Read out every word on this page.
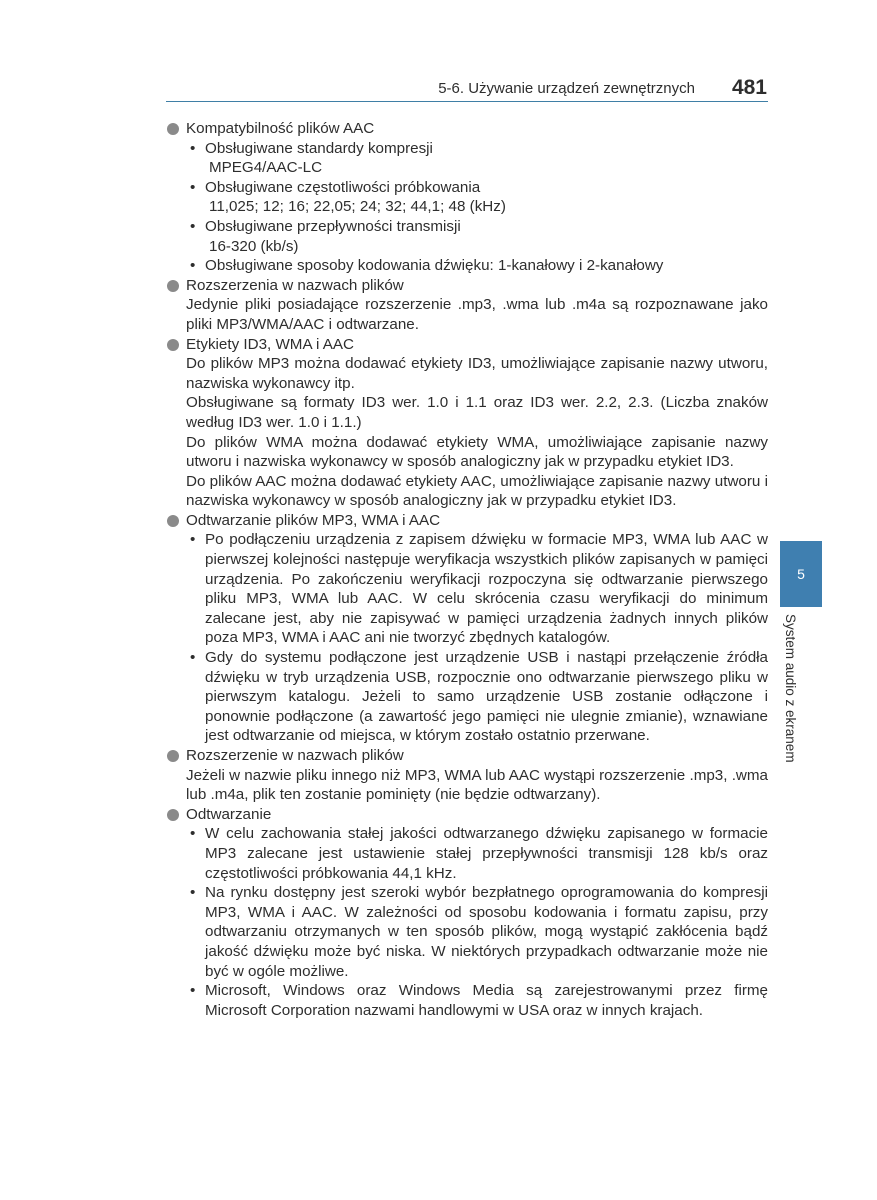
5-6. Używanie urządzeń zewnętrznych 481
5
System audio z ekranem
Kompatybilność plików AAC
• Obsługiwane standardy kompresji
MPEG4/AAC-LC
• Obsługiwane częstotliwości próbkowania
11,025; 12; 16; 22,05; 24; 32; 44,1; 48 (kHz)
• Obsługiwane przepływności transmisji
16-320 (kb/s)
• Obsługiwane sposoby kodowania dźwięku: 1-kanałowy i 2-kanałowy
Rozszerzenia w nazwach plików
Jedynie pliki posiadające rozszerzenie .mp3, .wma lub .m4a są rozpoznawane jako pliki MP3/WMA/AAC i odtwarzane.
Etykiety ID3, WMA i AAC
Do plików MP3 można dodawać etykiety ID3, umożliwiające zapisanie nazwy utworu, nazwiska wykonawcy itp.
Obsługiwane są formaty ID3 wer. 1.0 i 1.1 oraz ID3 wer. 2.2, 2.3. (Liczba znaków według ID3 wer. 1.0 i 1.1.)
Do plików WMA można dodawać etykiety WMA, umożliwiające zapisanie nazwy utworu i nazwiska wykonawcy w sposób analogiczny jak w przypadku etykiet ID3.
Do plików AAC można dodawać etykiety AAC, umożliwiające zapisanie nazwy utworu i nazwiska wykonawcy w sposób analogiczny jak w przypadku etykiet ID3.
Odtwarzanie plików MP3, WMA i AAC
• Po podłączeniu urządzenia z zapisem dźwięku w formacie MP3, WMA lub AAC w pierwszej kolejności następuje weryfikacja wszystkich plików zapisanych w pamięci urządzenia. Po zakończeniu weryfikacji rozpoczyna się odtwarzanie pierwszego pliku MP3, WMA lub AAC. W celu skrócenia czasu weryfikacji do minimum zalecane jest, aby nie zapisywać w pamięci urządzenia żadnych innych plików poza MP3, WMA i AAC ani nie tworzyć zbędnych katalogów.
• Gdy do systemu podłączone jest urządzenie USB i nastąpi przełączenie źródła dźwięku w tryb urządzenia USB, rozpocznie ono odtwarzanie pierwszego pliku w pierwszym katalogu. Jeżeli to samo urządzenie USB zostanie odłączone i ponownie podłączone (a zawartość jego pamięci nie ulegnie zmianie), wznawiane jest odtwarzanie od miejsca, w którym zostało ostatnio przerwane.
Rozszerzenie w nazwach plików
Jeżeli w nazwie pliku innego niż MP3, WMA lub AAC wystąpi rozszerzenie .mp3, .wma lub .m4a, plik ten zostanie pominięty (nie będzie odtwarzany).
Odtwarzanie
• W celu zachowania stałej jakości odtwarzanego dźwięku zapisanego w formacie MP3 zalecane jest ustawienie stałej przepływności transmisji 128 kb/s oraz częstotliwości próbkowania 44,1 kHz.
• Na rynku dostępny jest szeroki wybór bezpłatnego oprogramowania do kompresji MP3, WMA i AAC. W zależności od sposobu kodowania i formatu zapisu, przy odtwarzaniu otrzymanych w ten sposób plików, mogą wystąpić zakłócenia bądź jakość dźwięku może być niska. W niektórych przypadkach odtwarzanie może nie być w ogóle możliwe.
• Microsoft, Windows oraz Windows Media są zarejestrowanymi przez firmę Microsoft Corporation nazwami handlowymi w USA oraz w innych krajach.
